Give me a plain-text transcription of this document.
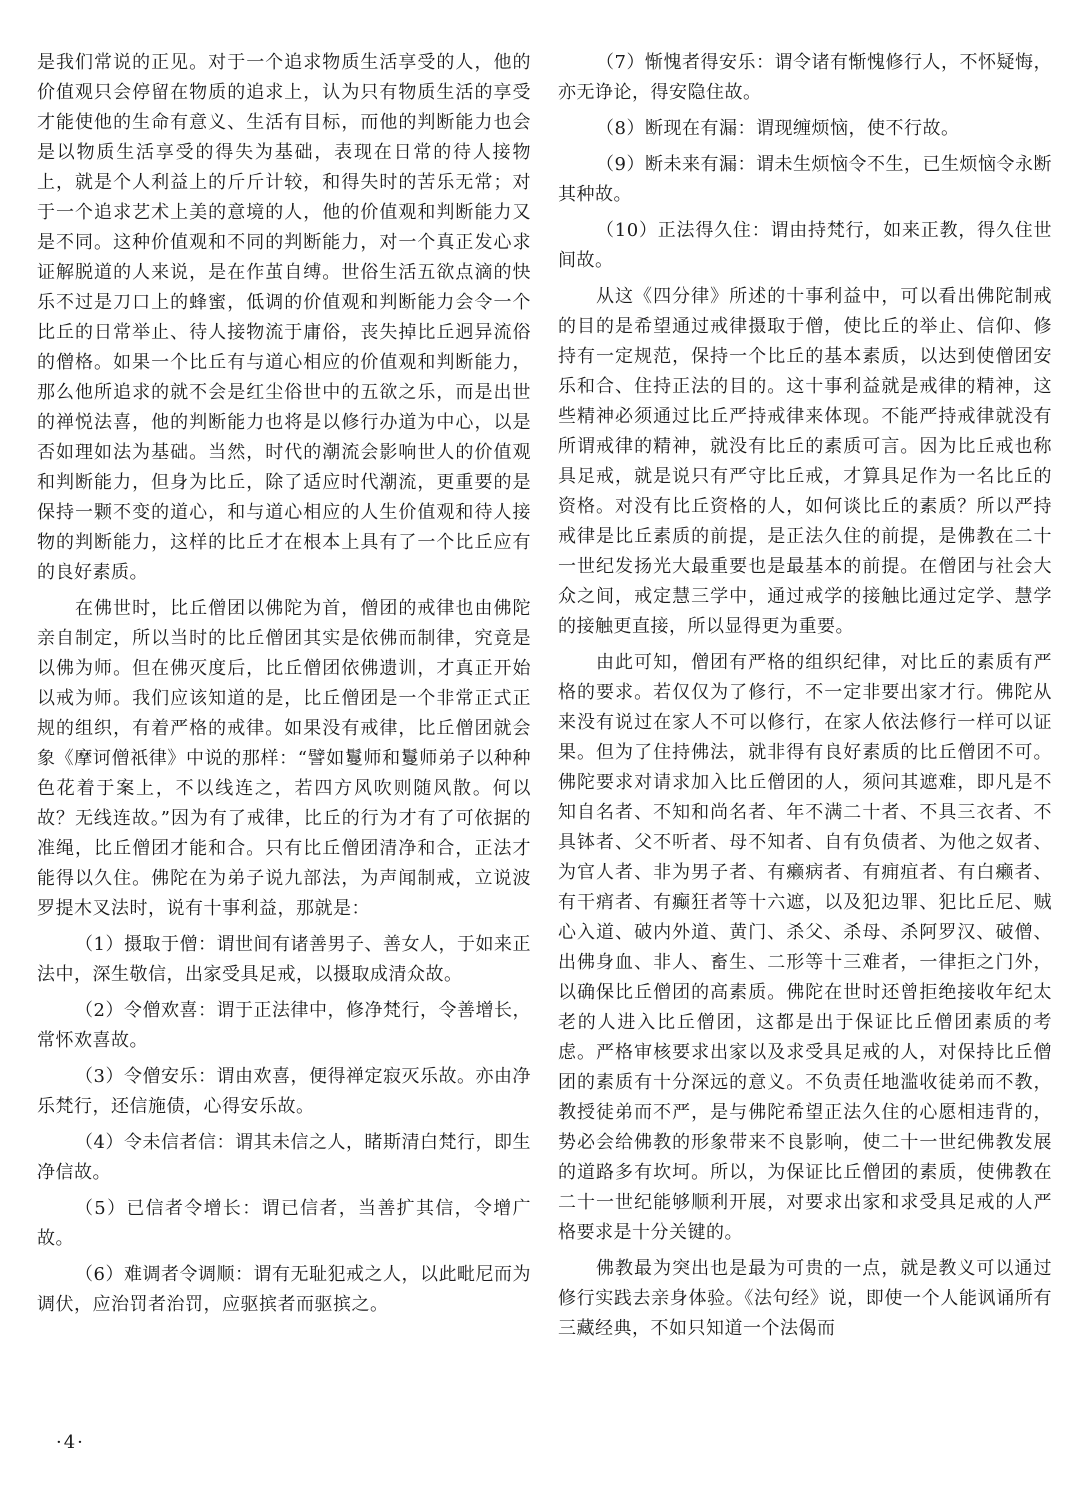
是我们常说的正见。对于一个追求物质生活享受的人，他的价值观只会停留在物质的追求上，认为只有物质生活的享受才能使他的生命有意义、生活有目标，而他的判断能力也会是以物质生活享受的得失为基础，表现在日常的待人接物上，就是个人利益上的斤斤计较，和得失时的苦乐无常；对于一个追求艺术上美的意境的人，他的价值观和判断能力又是不同。这种价值观和不同的判断能力，对一个真正发心求证解脱道的人来说，是在作茧自缚。世俗生活五欲点滴的快乐不过是刀口上的蜂蜜，低调的价值观和判断能力会令一个比丘的日常举止、待人接物流于庸俗，丧失掉比丘迥异流俗的僧格。如果一个比丘有与道心相应的价值观和判断能力，那么他所追求的就不会是红尘俗世中的五欲之乐，而是出世的禅悦法喜，他的判断能力也将是以修行办道为中心，以是否如理如法为基础。当然，时代的潮流会影响世人的价值观和判断能力，但身为比丘，除了适应时代潮流，更重要的是保持一颗不变的道心，和与道心相应的人生价值观和待人接物的判断能力，这样的比丘才在根本上具有了一个比丘应有的良好素质。

在佛世时，比丘僧团以佛陀为首，僧团的戒律也由佛陀亲自制定，所以当时的比丘僧团其实是依佛而制律，究竟是以佛为师。但在佛灭度后，比丘僧团依佛遗训，才真正开始以戒为师。我们应该知道的是，比丘僧团是一个非常正式正规的组织，有着严格的戒律。如果没有戒律，比丘僧团就会象《摩诃僧祇律》中说的那样：“譬如鬘师和鬘师弟子以种种色花着于案上，不以线连之，若四方风吹则随风散。何以故？无线连故。”因为有了戒律，比丘的行为才有了可依据的准绳，比丘僧团才能和合。只有比丘僧团清净和合，正法才能得以久住。佛陀在为弟子说九部法，为声闻制戒，立说波罗提木叉法时，说有十事利益，那就是：

（1）摄取于僧：谓世间有诸善男子、善女人，于如来正法中，深生敬信，出家受具足戒，以摄取成清众故。

（2）令僧欢喜：谓于正法律中，修净梵行，令善增长，常怀欢喜故。

（3）令僧安乐：谓由欢喜，便得禅定寂灭乐故。亦由净乐梵行，还信施债，心得安乐故。

（4）令未信者信：谓其未信之人，睹斯清白梵行，即生净信故。

（5）已信者令增长：谓已信者，当善扩其信，令增广故。

（6）难调者令调顺：谓有无耻犯戒之人，以此毗尼而为调伏，应治罚者治罚，应驱摈者而驱摈之。

（7）惭愧者得安乐：谓令诸有惭愧修行人，不怀疑悔，亦无诤论，得安隐住故。

（8）断现在有漏：谓现缠烦恼，使不行故。

（9）断未来有漏：谓未生烦恼令不生，已生烦恼令永断其种故。

（10）正法得久住：谓由持梵行，如来正教，得久住世间故。

从这《四分律》所述的十事利益中，可以看出佛陀制戒的目的是希望通过戒律摄取于僧，使比丘的举止、信仰、修持有一定规范，保持一个比丘的基本素质，以达到使僧团安乐和合、住持正法的目的。这十事利益就是戒律的精神，这些精神必须通过比丘严持戒律来体现。不能严持戒律就没有所谓戒律的精神，就没有比丘的素质可言。因为比丘戒也称具足戒，就是说只有严守比丘戒，才算具足作为一名比丘的资格。对没有比丘资格的人，如何谈比丘的素质？所以严持戒律是比丘素质的前提，是正法久住的前提，是佛教在二十一世纪发扬光大最重要也是最基本的前提。在僧团与社会大众之间，戒定慧三学中，通过戒学的接触比通过定学、慧学的接触更直接，所以显得更为重要。

由此可知，僧团有严格的组织纪律，对比丘的素质有严格的要求。若仅仅为了修行，不一定非要出家才行。佛陀从来没有说过在家人不可以修行，在家人依法修行一样可以证果。但为了住持佛法，就非得有良好素质的比丘僧团不可。佛陀要求对请求加入比丘僧团的人，须问其遮难，即凡是不知自名者、不知和尚名者、年不满二十者、不具三衣者、不具钵者、父不听者、母不知者、自有负债者、为他之奴者、为官人者、非为男子者、有癞病者、有痈疽者、有白癞者、有干痟者、有癫狂者等十六遮，以及犯边罪、犯比丘尼、贼心入道、破内外道、黄门、杀父、杀母、杀阿罗汉、破僧、出佛身血、非人、畜生、二形等十三难者，一律拒之门外，以确保比丘僧团的高素质。佛陀在世时还曾拒绝接收年纪太老的人进入比丘僧团，这都是出于保证比丘僧团素质的考虑。严格审核要求出家以及求受具足戒的人，对保持比丘僧团的素质有十分深远的意义。不负责任地滥收徒弟而不教，教授徒弟而不严，是与佛陀希望正法久住的心愿相违背的，势必会给佛教的形象带来不良影响，使二十一世纪佛教发展的道路多有坎坷。所以，为保证比丘僧团的素质，使佛教在二十一世纪能够顺利开展，对要求出家和求受具足戒的人严格要求是十分关键的。

佛教最为突出也是最为可贵的一点，就是教义可以通过修行实践去亲身体验。《法句经》说，即使一个人能讽诵所有三藏经典，不如只知道一个法偈而

·4·
